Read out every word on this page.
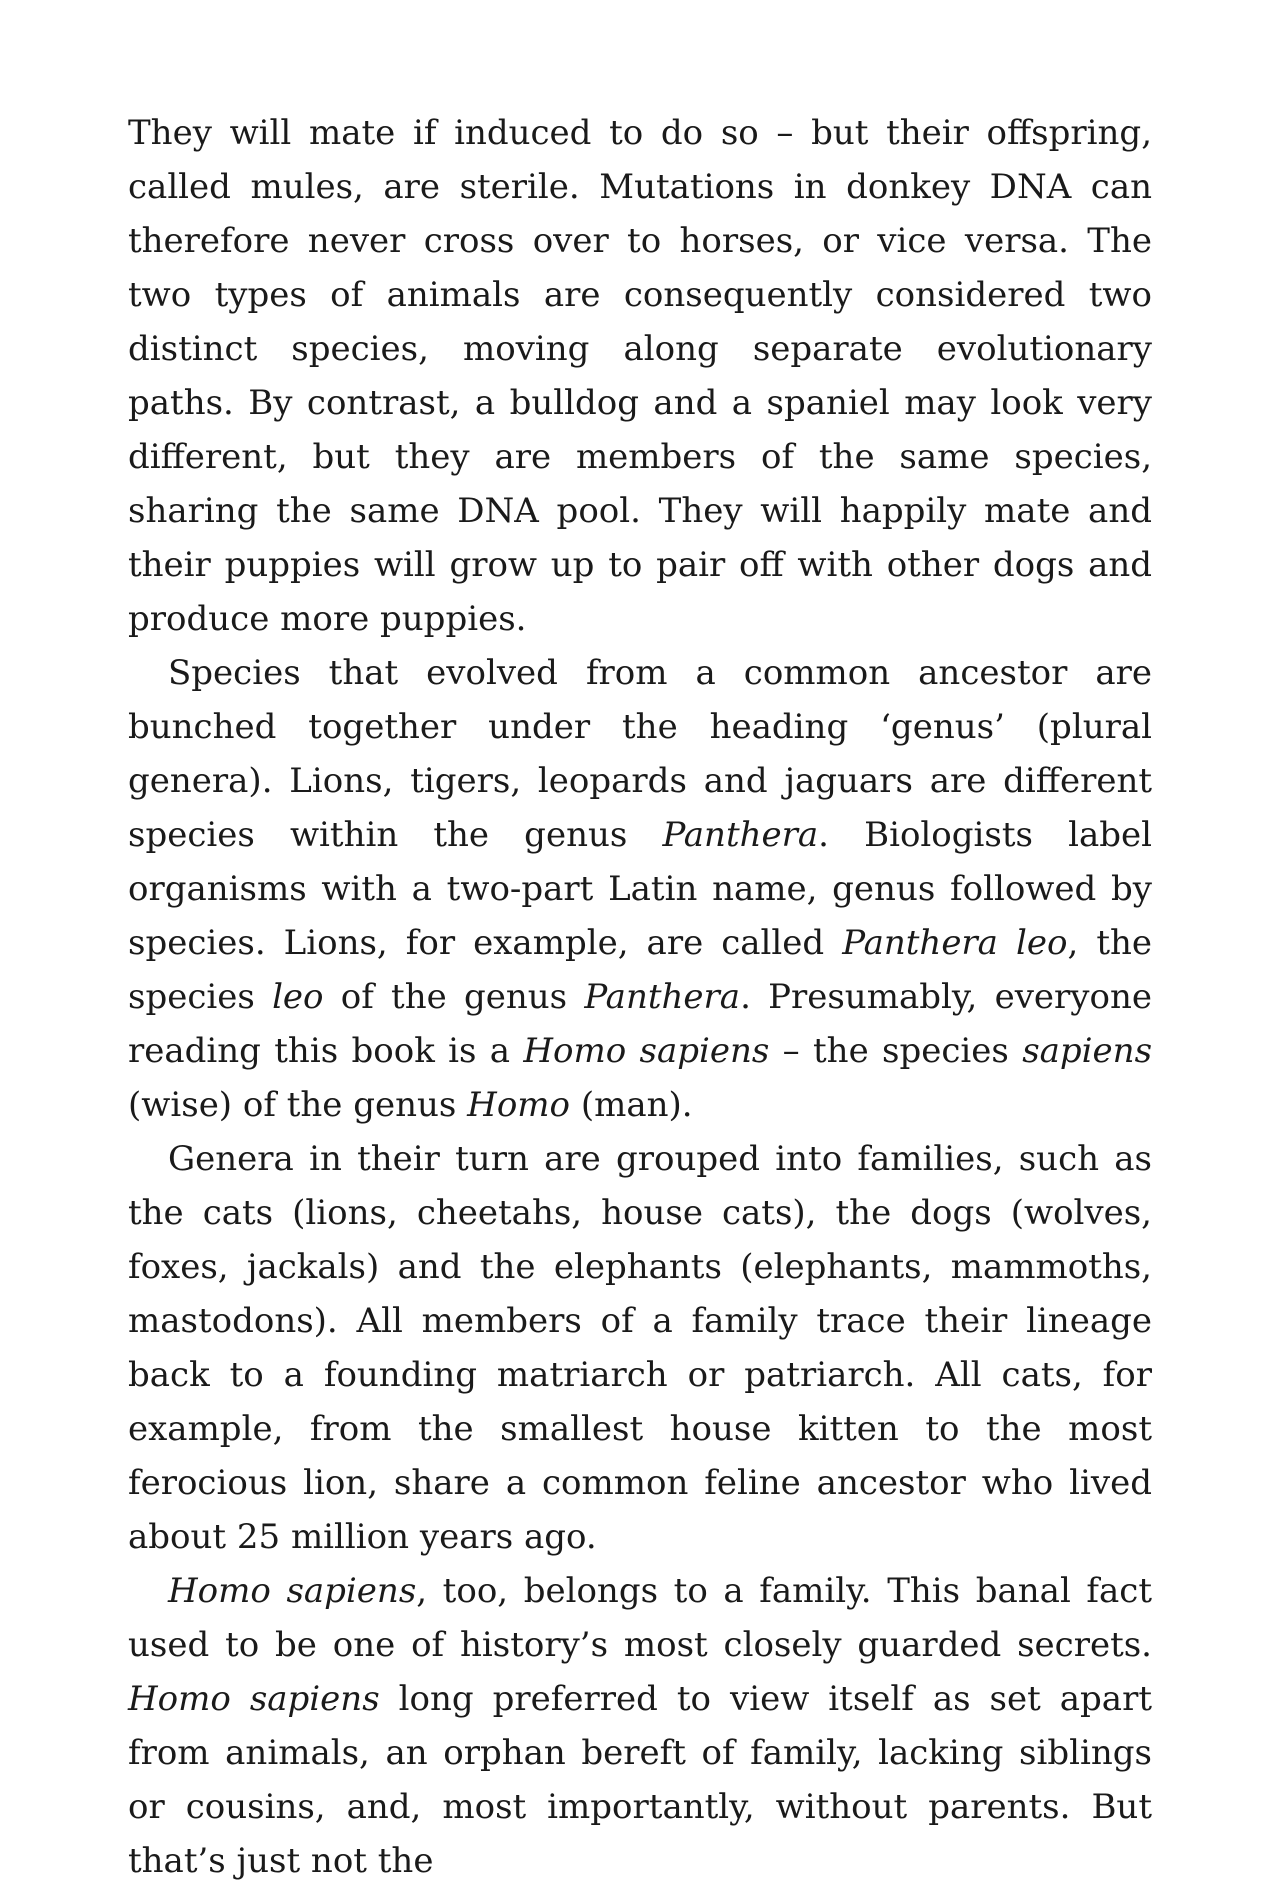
They will mate if induced to do so – but their offspring, called mules, are sterile. Mutations in donkey DNA can therefore never cross over to horses, or vice versa. The two types of animals are consequently considered two distinct species, moving along separate evolutionary paths. By contrast, a bulldog and a spaniel may look very different, but they are members of the same species, sharing the same DNA pool. They will happily mate and their puppies will grow up to pair off with other dogs and produce more puppies.

Species that evolved from a common ancestor are bunched together under the heading ‘genus’ (plural genera). Lions, tigers, leopards and jaguars are different species within the genus Panthera. Biologists label organisms with a two-part Latin name, genus followed by species. Lions, for example, are called Panthera leo, the species leo of the genus Panthera. Presumably, everyone reading this book is a Homo sapiens – the species sapiens (wise) of the genus Homo (man).

Genera in their turn are grouped into families, such as the cats (lions, cheetahs, house cats), the dogs (wolves, foxes, jackals) and the elephants (elephants, mammoths, mastodons). All members of a family trace their lineage back to a founding matriarch or patriarch. All cats, for example, from the smallest house kitten to the most ferocious lion, share a common feline ancestor who lived about 25 million years ago.

Homo sapiens, too, belongs to a family. This banal fact used to be one of history’s most closely guarded secrets. Homo sapiens long preferred to view itself as set apart from animals, an orphan bereft of family, lacking siblings or cousins, and, most importantly, without parents. But that’s just not the
